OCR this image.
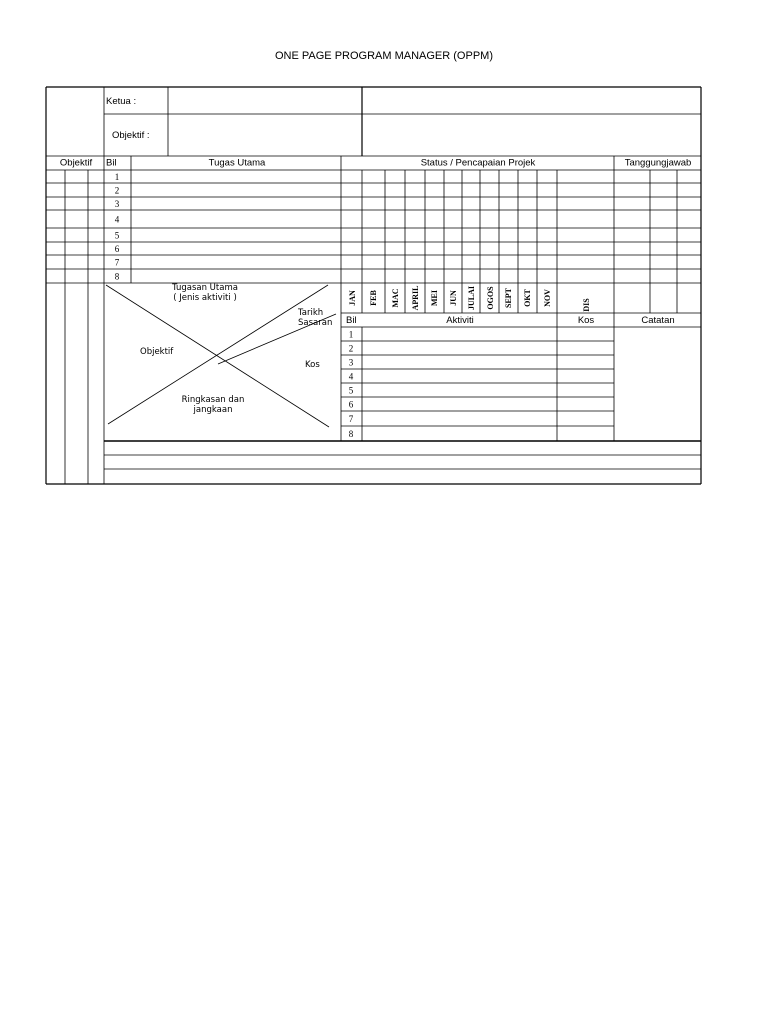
ONE PAGE PROGRAM MANAGER (OPPM)
Ketua :
Objektif :
Objektif Bil	Tugas Utama	Status / Pencapaian Projek	Tanggungjawab
1
2
3
4
5
6
7
8
Tugasan Utama
( Jenis aktiviti )
Tarikh
Sasaran
Objektif
Kos
Ringkasan dan
jangkaan
JAN FEB MAC APRIL MEI JUN JULAI OGOS SEPT OKT NOV	DIS
Bil	Aktiviti	Kos	Catatan
1
2
3
4
5
6
7
8
